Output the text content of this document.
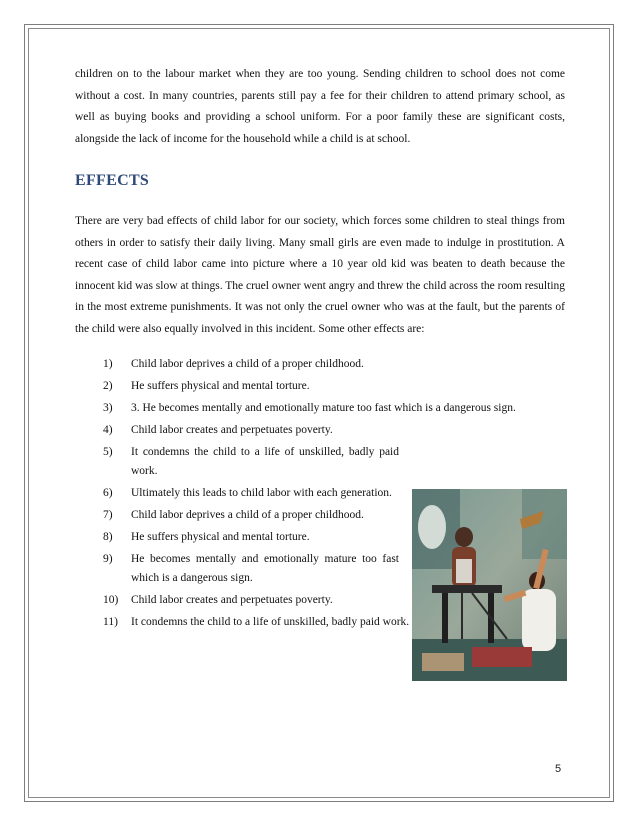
children on to the labour market when they are too young. Sending children to school does not come without a cost. In many countries, parents still pay a fee for their children to attend primary school, as well as buying books and providing a school uniform. For a poor family these are significant costs, alongside the lack of income for the household while a child is at school.

EFFECTS

There are very bad effects of child labor for our society, which forces some children to steal things from others in order to satisfy their daily living. Many small girls are even made to indulge in prostitution. A recent case of child labor came into picture where a 10 year old kid was beaten to death because the innocent kid was slow at things. The cruel owner went angry and threw the child across the room resulting in the most extreme punishments. It was not only the cruel owner who was at the fault, but the parents of the child were also equally involved in this incident. Some other effects are:

1) Child labor deprives a child of a proper childhood.
2) He suffers physical and mental torture.
3) 3. He becomes mentally and emotionally mature too fast which is a dangerous sign.
4) Child labor creates and perpetuates poverty.
5) It condemns the child to a life of unskilled, badly paid work.
6) Ultimately this leads to child labor with each generation.
7) Child labor deprives a child of a proper childhood.
8) He suffers physical and mental torture.
9) He becomes mentally and emotionally mature too fast which is a dangerous sign.
10) Child labor creates and perpetuates poverty.
11) It condemns the child to a life of unskilled, badly paid work.
5
